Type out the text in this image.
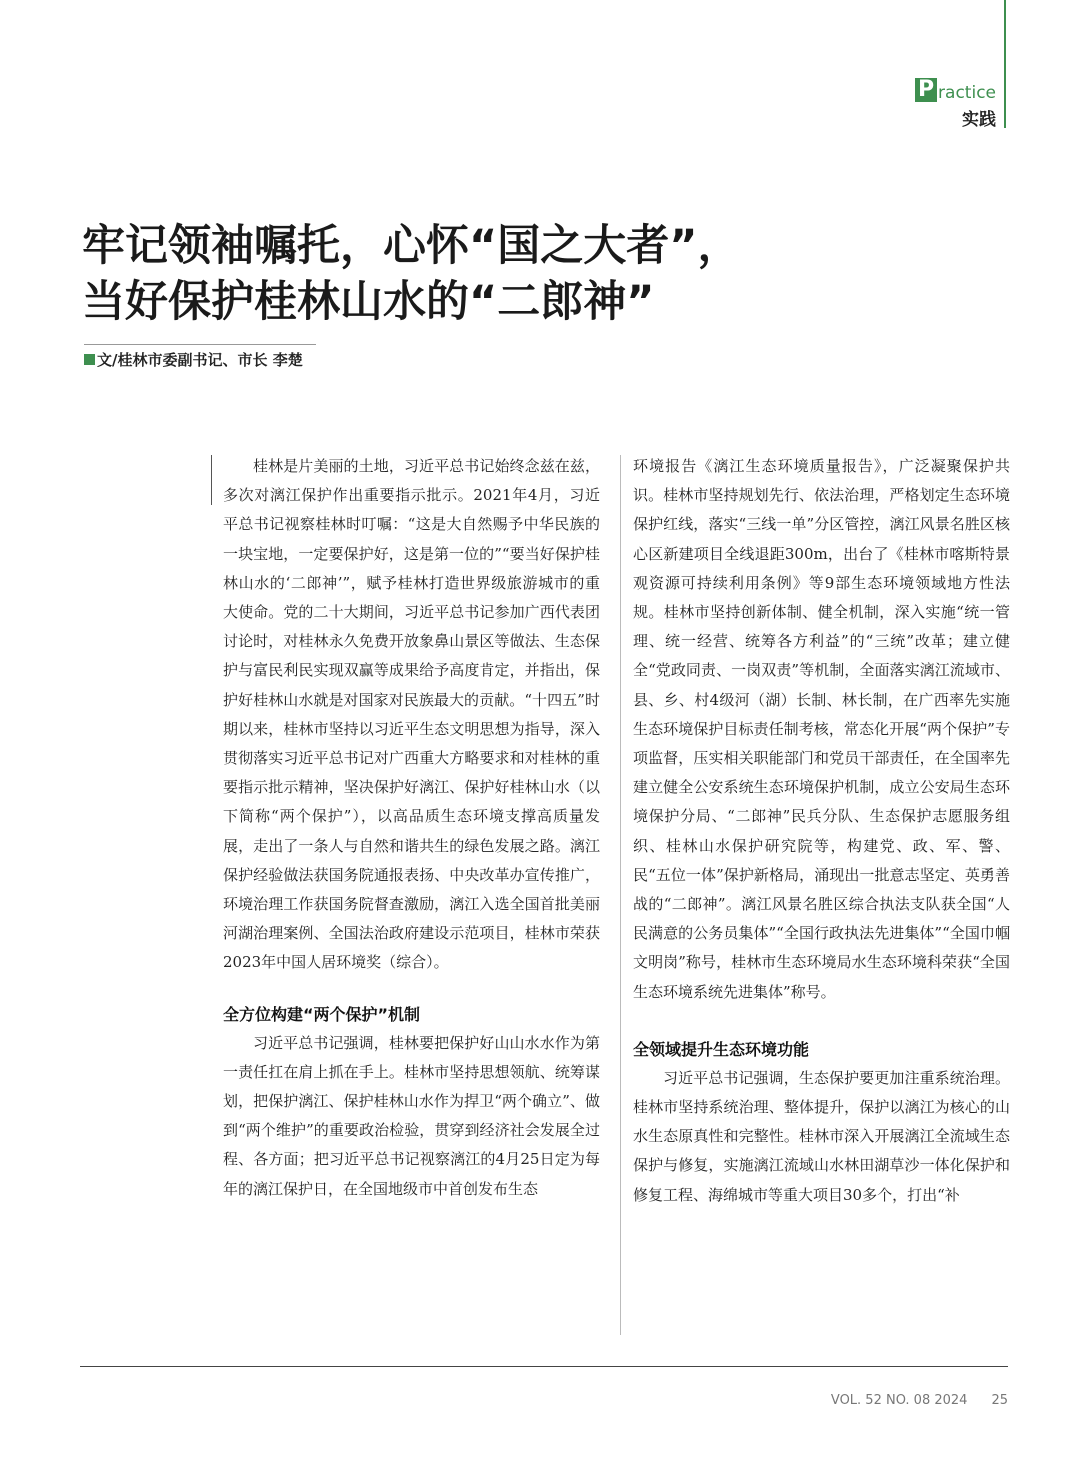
P ractice
实践
牢记领袖嘱托，心怀“国之大者”，
当好保护桂林山水的“二郎神”
文/桂林市委副书记、市长 李楚

桂林是片美丽的土地，习近平总书记始终念兹在兹，多次对漓江保护作出重要指示批示。2021年4月，习近平总书记视察桂林时叮嘱：“这是大自然赐予中华民族的一块宝地，一定要保护好，这是第一位的”“要当好保护桂林山水的‘二郎神’”，赋予桂林打造世界级旅游城市的重大使命。党的二十大期间，习近平总书记参加广西代表团讨论时，对桂林永久免费开放象鼻山景区等做法、生态保护与富民利民实现双赢等成果给予高度肯定，并指出，保护好桂林山水就是对国家对民族最大的贡献。“十四五”时期以来，桂林市坚持以习近平生态文明思想为指导，深入贯彻落实习近平总书记对广西重大方略要求和对桂林的重要指示批示精神，坚决保护好漓江、保护好桂林山水（以下简称“两个保护”），以高品质生态环境支撑高质量发展，走出了一条人与自然和谐共生的绿色发展之路。漓江保护经验做法获国务院通报表扬、中央改革办宣传推广，环境治理工作获国务院督查激励，漓江入选全国首批美丽河湖治理案例、全国法治政府建设示范项目，桂林市荣获2023年中国人居环境奖（综合）。

全方位构建“两个保护”机制

习近平总书记强调，桂林要把保护好山山水水作为第一责任扛在肩上抓在手上。桂林市坚持思想领航、统筹谋划，把保护漓江、保护桂林山水作为捍卫“两个确立”、做到“两个维护”的重要政治检验，贯穿到经济社会发展全过程、各方面；把习近平总书记视察漓江的4月25日定为每年的漓江保护日，在全国地级市中首创发布生态

环境报告《漓江生态环境质量报告》，广泛凝聚保护共识。桂林市坚持规划先行、依法治理，严格划定生态环境保护红线，落实“三线一单”分区管控，漓江风景名胜区核心区新建项目全线退距300m，出台了《桂林市喀斯特景观资源可持续利用条例》等9部生态环境领域地方性法规。桂林市坚持创新体制、健全机制，深入实施“统一管理、统一经营、统筹各方利益”的“三统”改革；建立健全“党政同责、一岗双责”等机制，全面落实漓江流域市、县、乡、村4级河（湖）长制、林长制，在广西率先实施生态环境保护目标责任制考核，常态化开展“两个保护”专项监督，压实相关职能部门和党员干部责任，在全国率先建立健全公安系统生态环境保护机制，成立公安局生态环境保护分局、“二郎神”民兵分队、生态保护志愿服务组织、桂林山水保护研究院等，构建党、政、军、警、民“五位一体”保护新格局，涌现出一批意志坚定、英勇善战的“二郎神”。漓江风景名胜区综合执法支队获全国“人民满意的公务员集体”“全国行政执法先进集体”“全国巾帼文明岗”称号，桂林市生态环境局水生态环境科荣获“全国生态环境系统先进集体”称号。

全领域提升生态环境功能

习近平总书记强调，生态保护要更加注重系统治理。桂林市坚持系统治理、整体提升，保护以漓江为核心的山水生态原真性和完整性。桂林市深入开展漓江全流域生态保护与修复，实施漓江流域山水林田湖草沙一体化保护和修复工程、海绵城市等重大项目30多个，打出“补

VOL. 52 NO. 08 2024 25
